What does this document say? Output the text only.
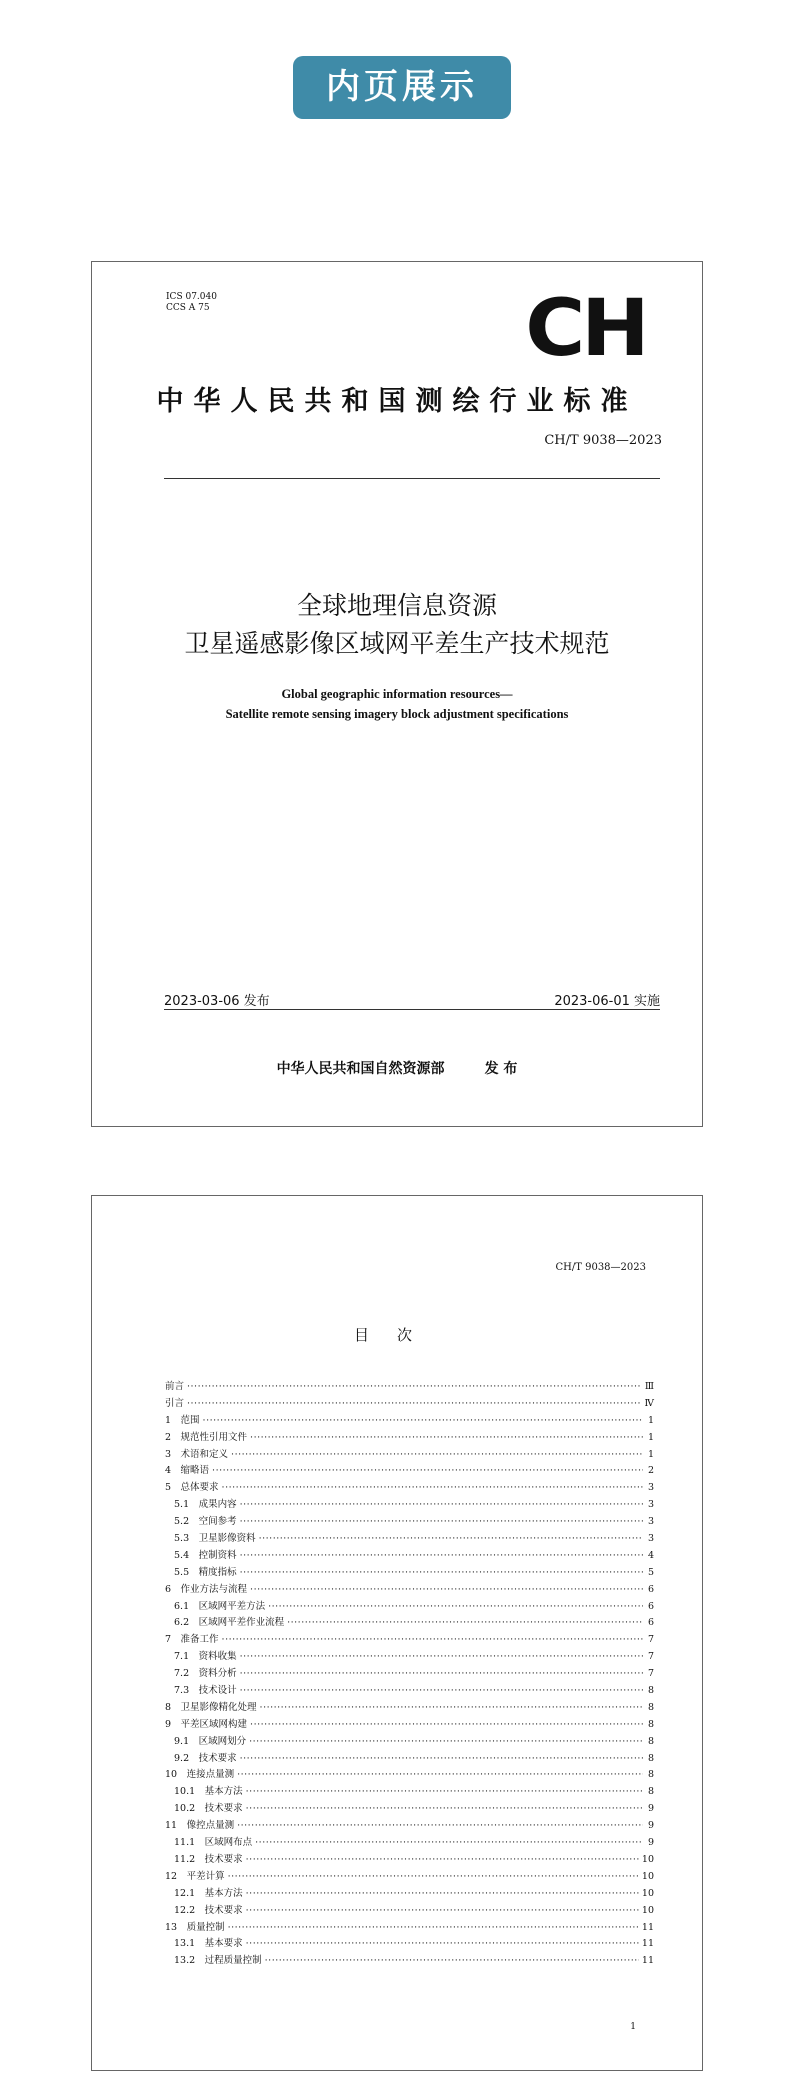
内页展示
ICS 07.040
CCS A 75	CH
中华人民共和国测绘行业标准
CH/T 9038—2023
全球地理信息资源
卫星遥感影像区域网平差生产技术规范
Global geographic information resources—
Satellite remote sensing imagery block adjustment specifications
2023-03-06 发布	2023-06-01 实施
中华人民共和国自然资源部	发 布
CH/T 9038—2023
目次
前言 ·····	Ⅲ
引言 ·····	Ⅳ
1　范围 ·····	1
2　规范性引用文件 ·····	1
3　术语和定义 ·····	1
4　缩略语 ·····	2
5　总体要求 ·····	3
5.1　成果内容 ·····	3
5.2　空间参考 ·····	3
5.3　卫星影像资料 ·····	3
5.4　控制资料 ·····	4
5.5　精度指标 ·····	5
6　作业方法与流程 ·····	6
6.1　区域网平差方法 ·····	6
6.2　区域网平差作业流程 ·····	6
7　准备工作 ·····	7
7.1　资料收集 ·····	7
7.2　资料分析 ·····	7
7.3　技术设计 ·····	8
8　卫星影像精化处理 ·····	8
9　平差区域网构建 ·····	8
9.1　区域网划分 ·····	8
9.2　技术要求 ·····	8
10　连接点量测 ·····	8
10.1　基本方法 ·····	8
10.2　技术要求 ·····	9
11　像控点量测 ·····	9
11.1　区域网布点 ·····	9
11.2　技术要求 ·····	10
12　平差计算 ·····	10
12.1　基本方法 ·····	10
12.2　技术要求 ·····	10
13　质量控制 ·····	11
13.1　基本要求 ·····	11
13.2　过程质量控制 ·····	11
1
